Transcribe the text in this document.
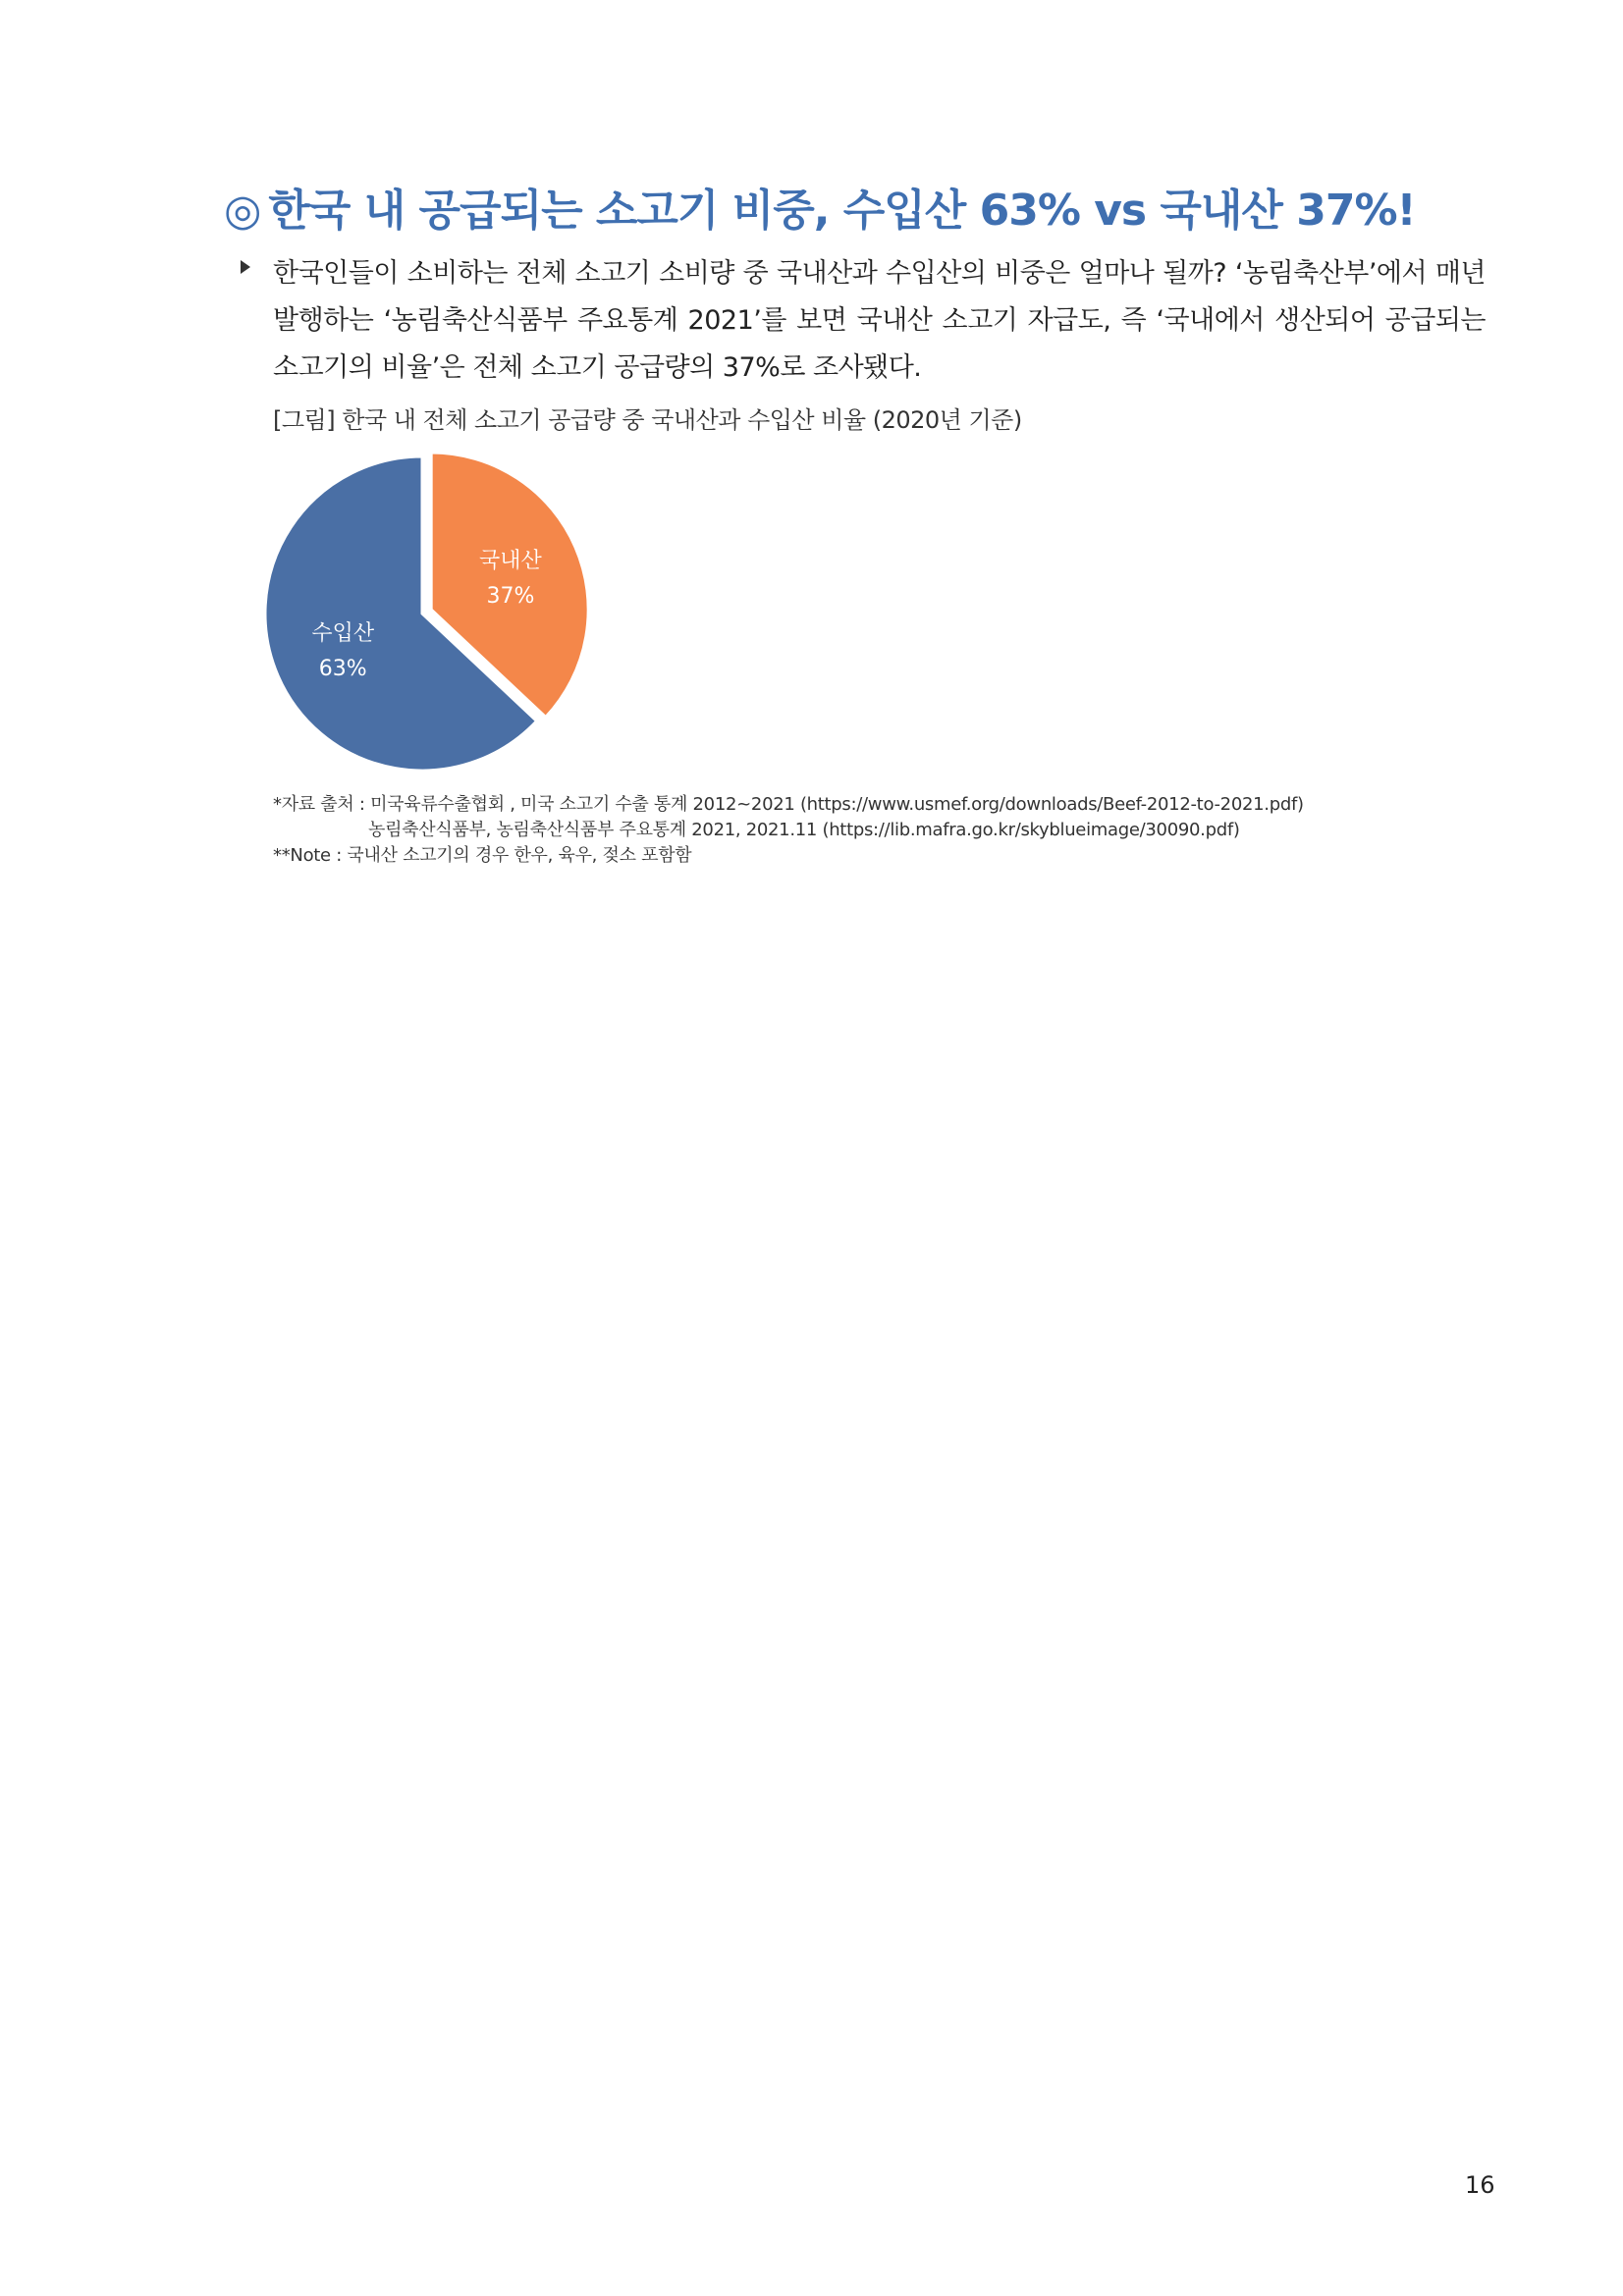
◎ 한국 내 공급되는 소고기 비중, 수입산 63% vs 국내산 37%!
한국인들이 소비하는 전체 소고기 소비량 중 국내산과 수입산의 비중은 얼마나 될까? ‘농림축산부’에서 매년 발행하는 ‘농림축산식품부 주요통계 2021’를 보면 국내산 소고기 자급도, 즉 ‘국내에서 생산되어 공급되는 소고기의 비율’은 전체 소고기 공급량의 37%로 조사됐다.
[그림] 한국 내 전체 소고기 공급량 중 국내산과 수입산 비율 (2020년 기준)
국내산
37%
수입산
63%
*자료 출처 : 미국육류수출협회 , 미국 소고기 수출 통계 2012~2021 (https://www.usmef.org/downloads/Beef-2012-to-2021.pdf)
농림축산식품부, 농림축산식품부 주요통계 2021, 2021.11 (https://lib.mafra.go.kr/skyblueimage/30090.pdf)
**Note : 국내산 소고기의 경우 한우, 육우, 젖소 포함함
16
